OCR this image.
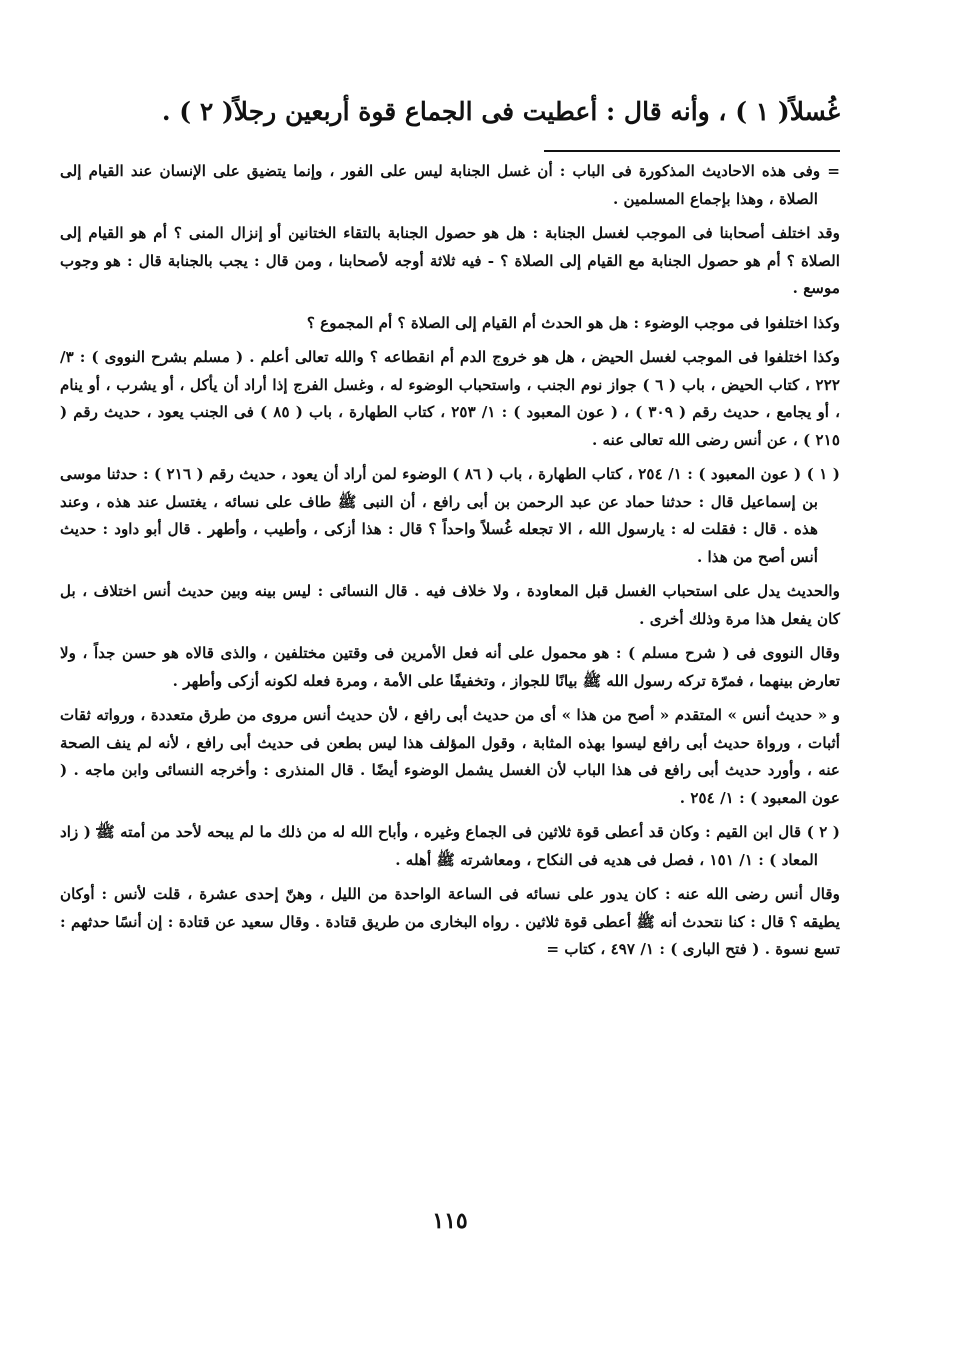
غُسلاً( ١ ) ، وأنه قال : أعطيت فى الجماع قوة أربعين رجلاً( ٢ ) .

= وفى هذه الاحاديث المذكورة فى الباب : أن غسل الجنابة ليس على الفور ، وإنما يتضيق على الإنسان عند القيام إلى الصلاة ، وهذا بإجماع المسلمين .

وقد اختلف أصحابنا فى الموجب لغسل الجنابة : هل هو حصول الجنابة بالتقاء الختانين أو إنزال المنى ؟ أم هو القيام إلى الصلاة ؟ أم هو حصول الجنابة مع القيام إلى الصلاة ؟ - فيه ثلاثة أوجه لأصحابنا ، ومن قال : يجب بالجنابة قال : هو وجوب موسع .

وكذا اختلفوا فى موجب الوضوء : هل هو الحدث أم القيام إلى الصلاة ؟ أم المجموع ؟

وكذا اختلفوا فى الموجب لغسل الحيض ، هل هو خروج الدم أم انقطاعه ؟ والله تعالى أعلم . ( مسلم بشرح النووى ) : ٣/ ٢٢٢ ، كتاب الحيض ، باب ( ٦ ) جواز نوم الجنب ، واستحباب الوضوء له ، وغسل الفرج إذا أراد أن يأكل ، أو يشرب ، أو ينام ، أو يجامع ، حديث رقم ( ٣٠٩ ) ، ( عون المعبود ) : ١/ ٢٥٣ ، كتاب الطهارة ، باب ( ٨٥ ) فى الجنب يعود ، حديث رقم ( ٢١٥ ) ، عن أنس رضى الله تعالى عنه .

( ١ ) ( عون المعبود ) : ١/ ٢٥٤ ، كتاب الطهارة ، باب ( ٨٦ ) الوضوء لمن أراد أن يعود ، حديث رقم ( ٢١٦ ) : حدثنا موسى بن إسماعيل قال : حدثنا حماد عن عبد الرحمن بن أبى رافع ، أن النبى ﷺ طاف على نسائه ، يغتسل عند هذه ، وعند هذه . قال : فقلت له : يارسول الله ، الا تجعله غُسلاً واحداً ؟ قال : هذا أزكى ، وأطيب ، وأطهر . قال أبو داود : حديث أنس أصح من هذا .

والحديث يدل على استحباب الغسل قبل المعاودة ، ولا خلاف فيه . قال النسائى : ليس بينه وبين حديث أنس اختلاف ، بل كان يفعل هذا مرة وذلك أخرى .

وقال النووى فى ( شرح مسلم ) : هو محمول على أنه فعل الأمرين فى وقتين مختلفين ، والذى قالاه هو حسن جداً ، ولا تعارض بينهما ، فمرّة تركه رسول الله ﷺ بيانًا للجواز ، وتخفيفًا على الأمة ، ومرة فعله لكونه أزكى وأطهر .

و « حديث أنس » المتقدم « أصح من هذا » أى من حديث أبى رافع ، لأن حديث أنس مروى من طرق متعددة ، ورواته ثقات أثبات ، ورواة حديث أبى رافع ليسوا بهذه المثابة ، وقول المؤلف هذا ليس بطعن فى حديث أبى رافع ، لأنه لم ينف الصحة عنه ، وأورد حديث أبى رافع فى هذا الباب لأن الغسل يشمل الوضوء أيضًا . قال المنذرى : وأخرجه النسائى وابن ماجه . ( عون المعبود ) : ١/ ٢٥٤ .

( ٢ ) قال ابن القيم : وكان قد أعطى قوة ثلاثين فى الجماع وغيره ، وأباح الله له من ذلك ما لم يبحه لأحد من أمته ﷺ ( زاد المعاد ) : ١/ ١٥١ ، فصل فى هديه فى النكاح ، ومعاشرته ﷺ أهله .

وقال أنس رضى الله عنه : كان يدور على نسائه فى الساعة الواحدة من الليل ، وهنّ إحدى عشرة ، قلت لأنس : أوكان يطيقه ؟ قال : كنا نتحدث أنه ﷺ أعطى قوة ثلاثين . رواه البخارى من طريق قتادة . وقال سعيد عن قتادة : إن أنسًا حدثهم : تسع نسوة . ( فتح البارى ) : ١/ ٤٩٧ ، كتاب =

١١٥
